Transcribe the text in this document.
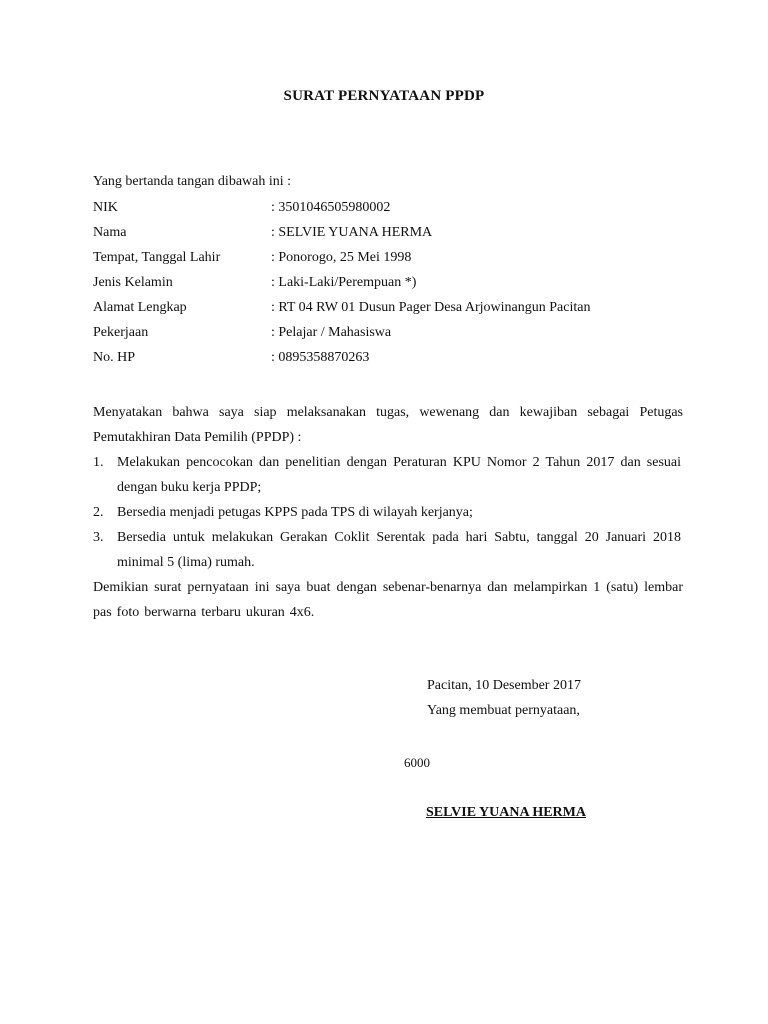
SURAT PERNYATAAN PPDP
Yang bertanda tangan dibawah ini :
NIK	: 3501046505980002
Nama	: SELVIE YUANA HERMA
Tempat, Tanggal Lahir	: Ponorogo, 25 Mei 1998
Jenis Kelamin	: Laki-Laki/Perempuan *)
Alamat Lengkap	: RT 04 RW 01 Dusun Pager Desa Arjowinangun Pacitan
Pekerjaan	: Pelajar / Mahasiswa
No. HP	: 0895358870263
Menyatakan bahwa saya siap melaksanakan tugas, wewenang dan kewajiban sebagai Petugas Pemutakhiran Data Pemilih (PPDP) :
1. Melakukan pencocokan dan penelitian dengan Peraturan KPU Nomor 2 Tahun 2017 dan sesuai dengan buku kerja PPDP;
2. Bersedia menjadi petugas KPPS pada TPS di wilayah kerjanya;
3. Bersedia untuk melakukan Gerakan Coklit Serentak pada hari Sabtu, tanggal 20 Januari 2018 minimal 5 (lima) rumah.
Demikian surat pernyataan ini saya buat dengan sebenar-benarnya dan melampirkan 1 (satu) lembar pas foto berwarna terbaru ukuran 4x6.
Pacitan, 10 Desember 2017
Yang membuat pernyataan,
6000
SELVIE YUANA HERMA
